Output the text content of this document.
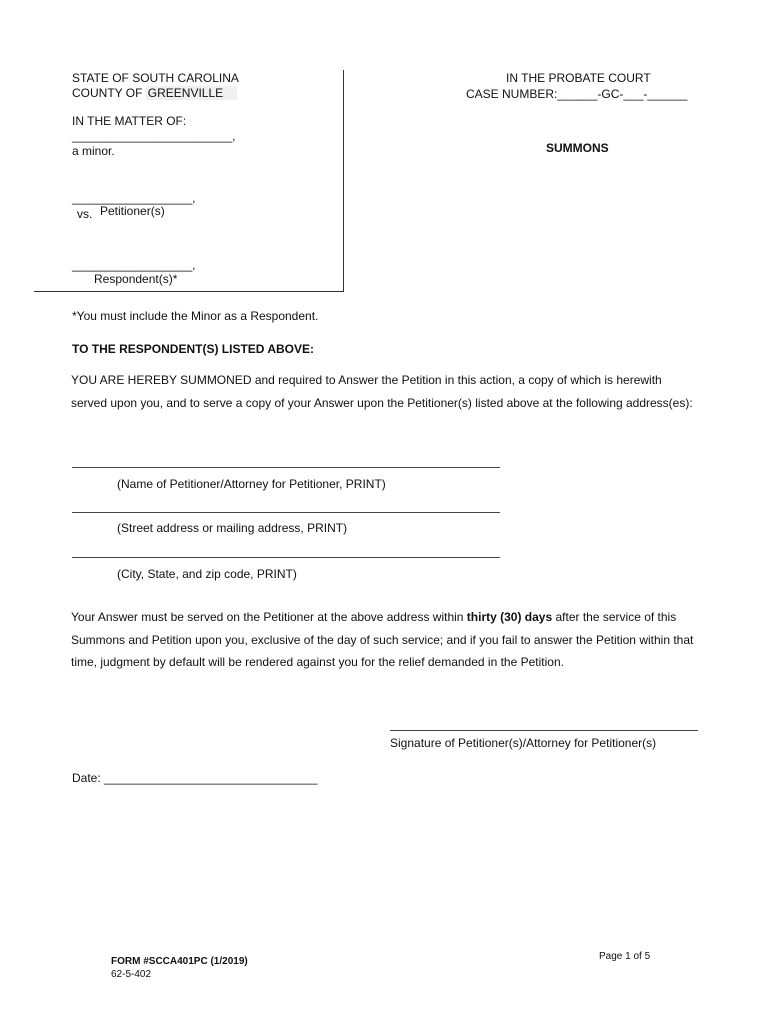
STATE OF SOUTH CAROLINA
COUNTY OF GREENVILLE
IN THE MATTER OF:
________________________,
a minor.
__________________,
vs. Petitioner(s)
__________________,
Respondent(s)*
IN THE PROBATE COURT
CASE NUMBER:______-GC-___-______
SUMMONS
*You must include the Minor as a Respondent.
TO THE RESPONDENT(S) LISTED ABOVE:
YOU ARE HEREBY SUMMONED and required to Answer the Petition in this action, a copy of which is herewith served upon you, and to serve a copy of your Answer upon the Petitioner(s) listed above at the following address(es):
(Name of Petitioner/Attorney for Petitioner, PRINT)
(Street address or mailing address, PRINT)
(City, State, and zip code, PRINT)
Your Answer must be served on the Petitioner at the above address within thirty (30) days after the service of this Summons and Petition upon you, exclusive of the day of such service; and if you fail to answer the Petition within that time, judgment by default will be rendered against you for the relief demanded in the Petition.
Signature of Petitioner(s)/Attorney for Petitioner(s)
Date: ________________________________
FORM #SCCA401PC (1/2019)
62-5-402
Page 1 of 5
